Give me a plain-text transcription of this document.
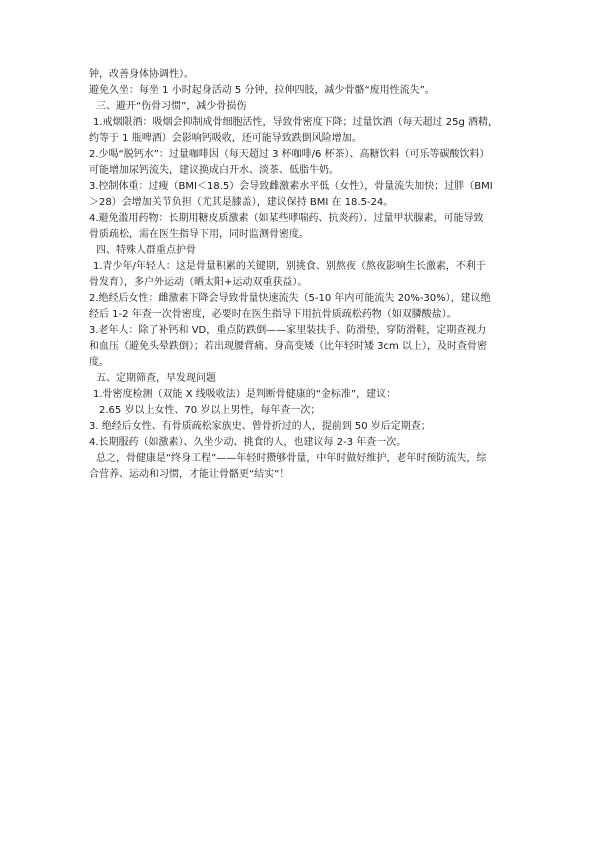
钟，改善身体协调性）。
避免久坐：每坐 1 小时起身活动 5 分钟，拉伸四肢，减少骨骼“废用性流失”。
三、避开“伤骨习惯”，减少骨损伤
1.戒烟限酒：吸烟会抑制成骨细胞活性，导致骨密度下降；过量饮酒（每天超过 25g 酒精，
约等于 1 瓶啤酒）会影响钙吸收，还可能导致跌倒风险增加。
2.少喝“脱钙水”：过量咖啡因（每天超过 3 杯咖啡/6 杯茶）、高糖饮料（可乐等碳酸饮料）
可能增加尿钙流失，建议换成白开水、淡茶、低脂牛奶。
3.控制体重：过瘦（BMI＜18.5）会导致雌激素水平低（女性），骨量流失加快；过胖（BMI
＞28）会增加关节负担（尤其是膝盖），建议保持 BMI 在 18.5-24。
4.避免滥用药物：长期用糖皮质激素（如某些哮喘药、抗炎药）、过量甲状腺素，可能导致
骨质疏松，需在医生指导下用，同时监测骨密度。
四、特殊人群重点护骨
1.青少年/年轻人：这是骨量积累的关键期，别挑食、别熬夜（熬夜影响生长激素，不利于
骨发育），多户外运动（晒太阳+运动双重获益）。
2.绝经后女性：雌激素下降会导致骨量快速流失（5-10 年内可能流失 20%-30%），建议绝
经后 1-2 年查一次骨密度，必要时在医生指导下用抗骨质疏松药物（如双膦酸盐）。
3.老年人：除了补钙和 VD，重点防跌倒——家里装扶手、防滑垫，穿防滑鞋，定期查视力
和血压（避免头晕跌倒）；若出现腰背痛、身高变矮（比年轻时矮 3cm 以上），及时查骨密
度。
五、定期筛查，早发现问题
1.骨密度检测（双能 X 线吸收法）是判断骨健康的“金标准”，建议：
2.65 岁以上女性、70 岁以上男性，每年查一次；
3. 绝经后女性、有骨质疏松家族史、曾骨折过的人，提前到 50 岁后定期查；
4.长期服药（如激素）、久坐少动、挑食的人，也建议每 2-3 年查一次。
总之，骨健康是“终身工程”——年轻时攒够骨量，中年时做好维护，老年时预防流失，综
合营养、运动和习惯，才能让骨骼更“结实”！
